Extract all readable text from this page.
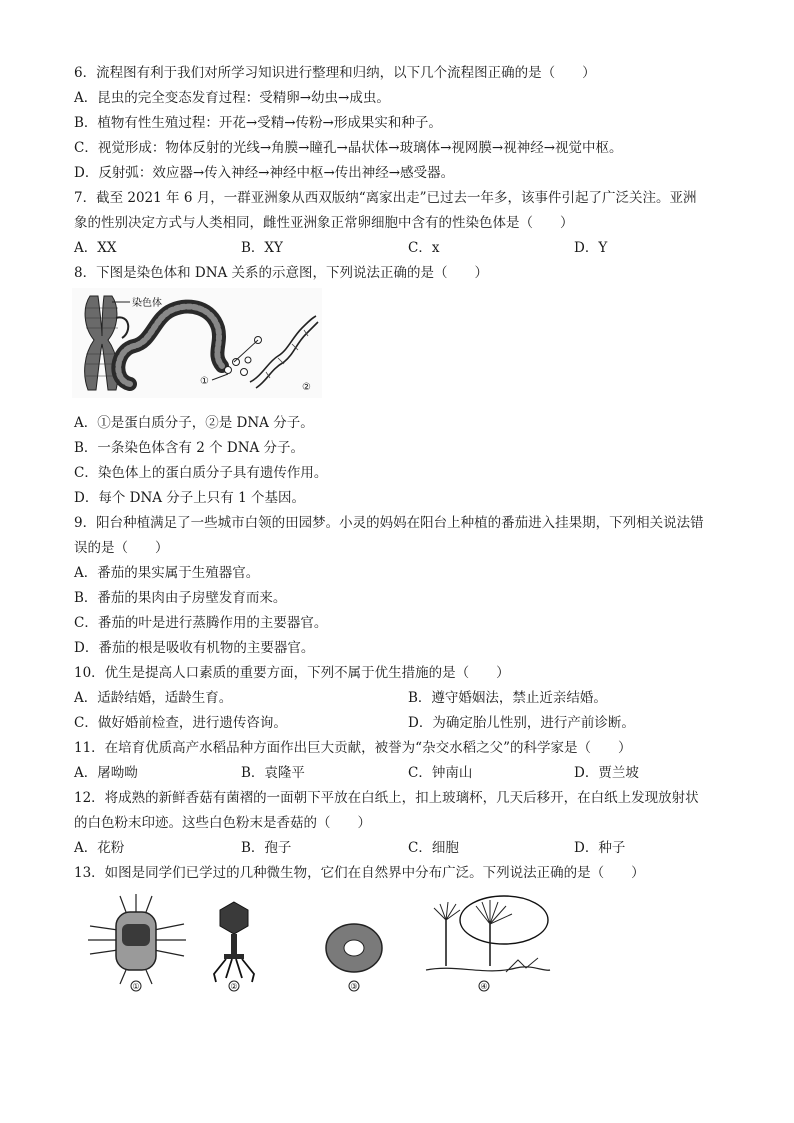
6．流程图有利于我们对所学习知识进行整理和归纳，以下几个流程图正确的是（　　）
A．昆虫的完全变态发育过程：受精卵→幼虫→成虫。
B．植物有性生殖过程：开花→受精→传粉→形成果实和种子。
C．视觉形成：物体反射的光线→角膜→瞳孔→晶状体→玻璃体→视网膜→视神经→视觉中枢。
D．反射弧：效应器→传入神经→神经中枢→传出神经→感受器。
7．截至 2021 年 6 月，一群亚洲象从西双版纳“离家出走”已过去一年多，该事件引起了广泛关注。亚洲
象的性别决定方式与人类相同，雌性亚洲象正常卵细胞中含有的性染色体是（　　）
A．XX	B．XY	C．x	D．Y
8．下图是染色体和 DNA 关系的示意图，下列说法正确的是（　　）
染色体
①
②
A．①是蛋白质分子，②是 DNA 分子。
B．一条染色体含有 2 个 DNA 分子。
C．染色体上的蛋白质分子具有遗传作用。
D．每个 DNA 分子上只有 1 个基因。
9．阳台种植满足了一些城市白领的田园梦。小灵的妈妈在阳台上种植的番茄进入挂果期，下列相关说法错
误的是（　　）
A．番茄的果实属于生殖器官。
B．番茄的果肉由子房壁发育而来。
C．番茄的叶是进行蒸腾作用的主要器官。
D．番茄的根是吸收有机物的主要器官。
10．优生是提高人口素质的重要方面，下列不属于优生措施的是（　　）
A．适龄结婚，适龄生育。	B．遵守婚姻法，禁止近亲结婚。
C．做好婚前检查，进行遗传咨询。	D．为确定胎儿性别，进行产前诊断。
11．在培育优质高产水稻品种方面作出巨大贡献，被誉为“杂交水稻之父”的科学家是（　　）
A．屠呦呦	B．袁隆平	C．钟南山	D．贾兰坡
12．将成熟的新鲜香菇有菌褶的一面朝下平放在白纸上，扣上玻璃杯，几天后移开，在白纸上发现放射状
的白色粉末印迹。这些白色粉末是香菇的（　　）
A．花粉	B．孢子	C．细胞	D．种子
13．如图是同学们已学过的几种微生物，它们在自然界中分布广泛。下列说法正确的是（　　）
①	②	③	④
